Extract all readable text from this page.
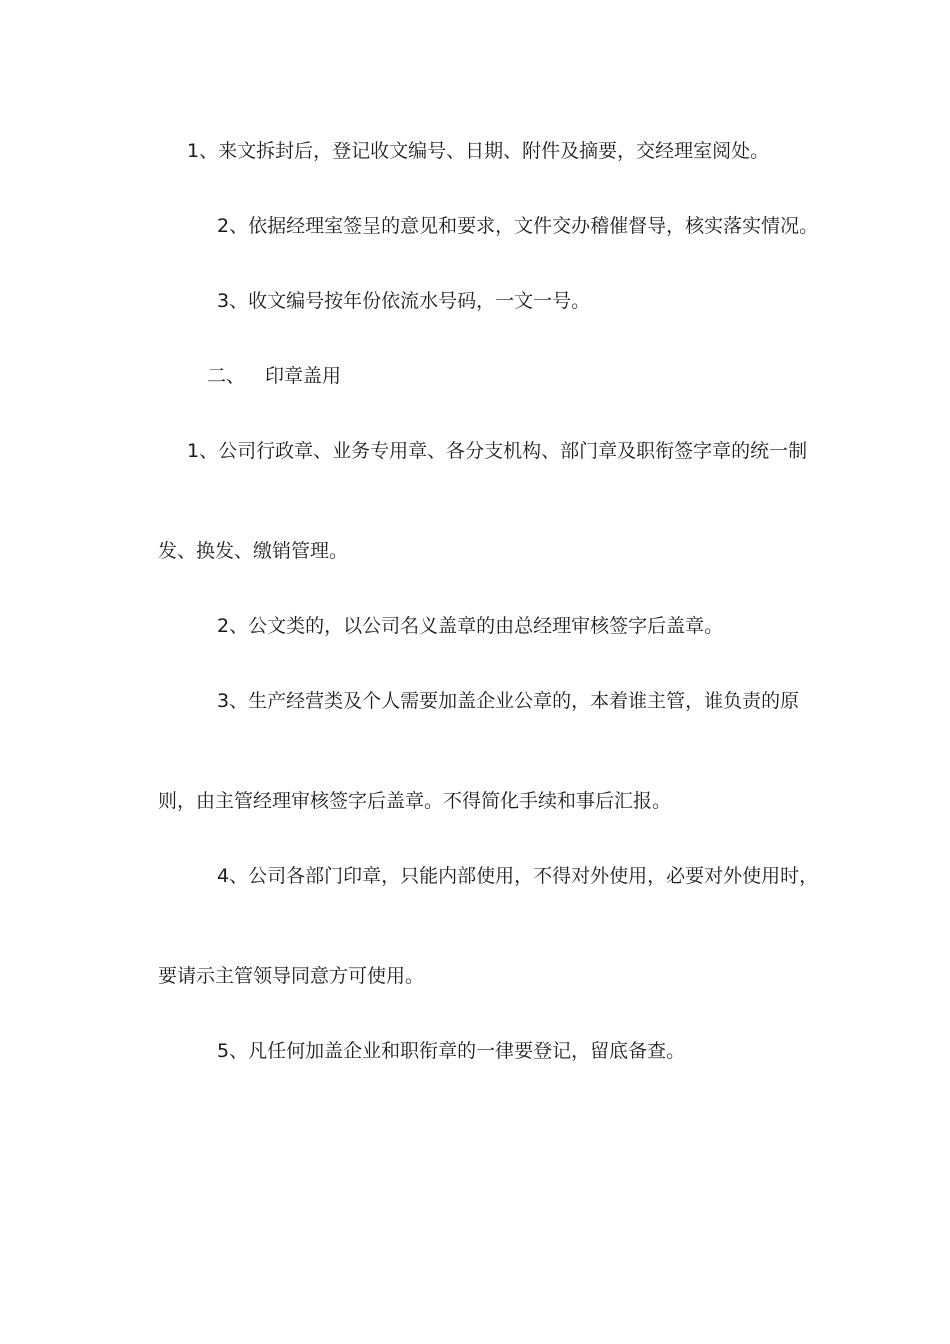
1、来文拆封后，登记收文编号、日期、附件及摘要，交经理室阅处。
2、依据经理室签呈的意见和要求，文件交办稽催督导，核实落实情况。
3、收文编号按年份依流水号码，一文一号。
二、 印章盖用
1、公司行政章、业务专用章、各分支机构、部门章及职衔签字章的统一制
发、换发、缴销管理。
2、公文类的，以公司名义盖章的由总经理审核签字后盖章。
3、生产经营类及个人需要加盖企业公章的，本着谁主管，谁负责的原
则，由主管经理审核签字后盖章。不得简化手续和事后汇报。
4、公司各部门印章，只能内部使用，不得对外使用，必要对外使用时，
要请示主管领导同意方可使用。
5、凡任何加盖企业和职衔章的一律要登记，留底备查。
